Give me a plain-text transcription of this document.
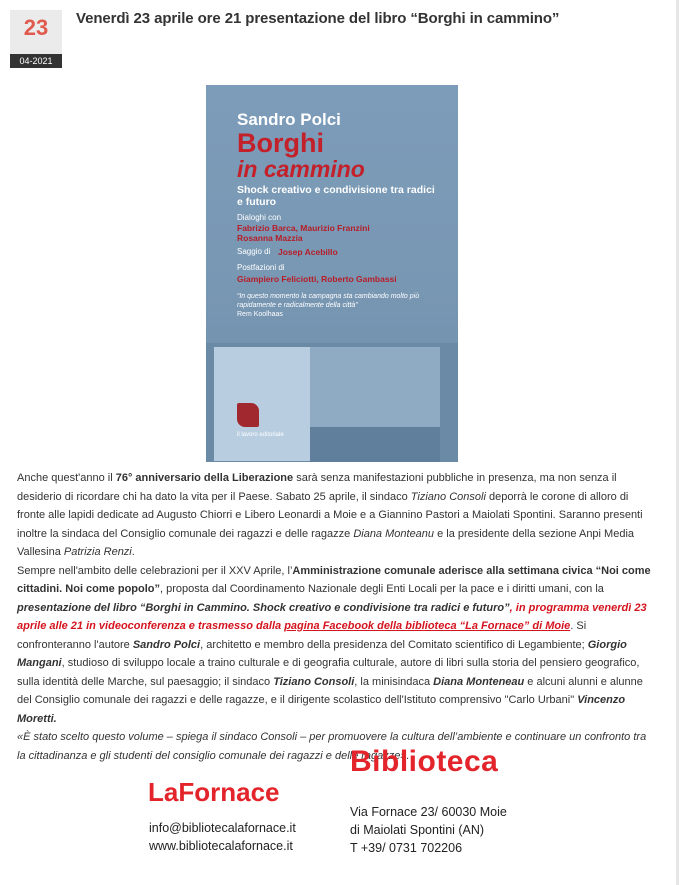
23
04-2021
Venerdì 23 aprile ore 21 presentazione del libro “Borghi in cammino”
Sandro Polci
Borghi
in cammino
Shock creativo e condivisione tra radici e futuro
Dialoghi con
Fabrizio Barca, Maurizio Franzini
Rosanna Mazzia
Saggio di Josep Acebillo
Postfazioni di
Giampiero Feliciotti, Roberto Gambassi
“In questo momento la campagna sta cambiando molto più rapidamente e radicalmente della città”
Rem Koolhaas
il lavoro editoriale

Anche quest'anno il 76° anniversario della Liberazione sarà senza manifestazioni pubbliche in presenza, ma non senza il desiderio di ricordare chi ha dato la vita per il Paese. Sabato 25 aprile, il sindaco Tiziano Consoli deporrà le corone di alloro di fronte alle lapidi dedicate ad Augusto Chiorri e Libero Leonardi a Moie e a Giannino Pastori a Maiolati Spontini. Saranno presenti inoltre la sindaca del Consiglio comunale dei ragazzi e delle ragazze Diana Monteanu e la presidente della sezione Anpi Media Vallesina Patrizia Renzi.

Sempre nell'ambito delle celebrazioni per il XXV Aprile, l’Amministrazione comunale aderisce alla settimana civica “Noi come cittadini. Noi come popolo”, proposta dal Coordinamento Nazionale degli Enti Locali per la pace e i diritti umani, con la presentazione del libro “Borghi in Cammino. Shock creativo e condivisione tra radici e futuro”, in programma venerdì 23 aprile alle 21 in videoconferenza e trasmesso dalla pagina Facebook della biblioteca “La Fornace” di Moie. Si confronteranno l'autore Sandro Polci, architetto e membro della presidenza del Comitato scientifico di Legambiente; Giorgio Mangani, studioso di sviluppo locale a traino culturale e di geografia culturale, autore di libri sulla storia del pensiero geografico, sulla identità delle Marche, sul paesaggio; il sindaco Tiziano Consoli, la minisindaca Diana Monteneau e alcuni alunni e alunne del Consiglio comunale dei ragazzi e delle ragazze, e il dirigente scolastico dell'Istituto comprensivo "Carlo Urbani" Vincenzo Moretti.

«È stato scelto questo volume – spiega il sindaco Consoli – per promuovere la cultura dell’ambiente e continuare un confronto tra la cittadinanza e gli studenti del consiglio comunale dei ragazzi e delle ragazze».

Biblioteca
LaFornace
info@bibliotecalafornace.it
www.bibliotecalafornace.it
Via Fornace 23/ 60030 Moie
di Maiolati Spontini (AN)
T +39/ 0731 702206
